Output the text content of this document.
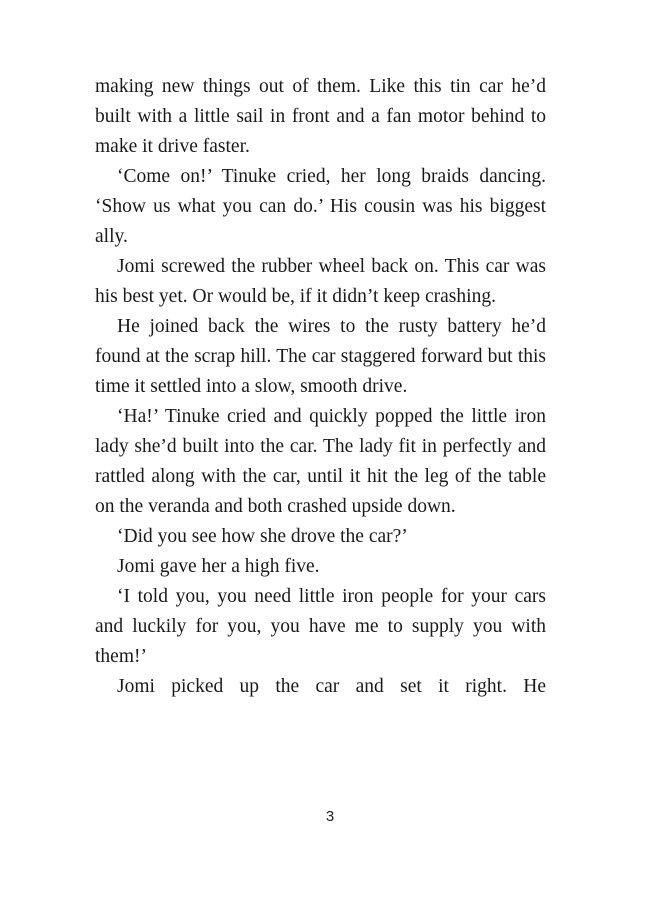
making new things out of them. Like this tin car he’d built with a little sail in front and a fan motor behind to make it drive faster.

‘Come on!’ Tinuke cried, her long braids dancing. ‘Show us what you can do.’ His cousin was his biggest ally.

Jomi screwed the rubber wheel back on. This car was his best yet. Or would be, if it didn’t keep crashing.

He joined back the wires to the rusty battery he’d found at the scrap hill. The car staggered forward but this time it settled into a slow, smooth drive.

‘Ha!’ Tinuke cried and quickly popped the little iron lady she’d built into the car. The lady fit in perfectly and rattled along with the car, until it hit the leg of the table on the veranda and both crashed upside down.

‘Did you see how she drove the car?’

Jomi gave her a high five.

‘I told you, you need little iron people for your cars and luckily for you, you have me to supply you with them!’

Jomi picked up the car and set it right. He

3
